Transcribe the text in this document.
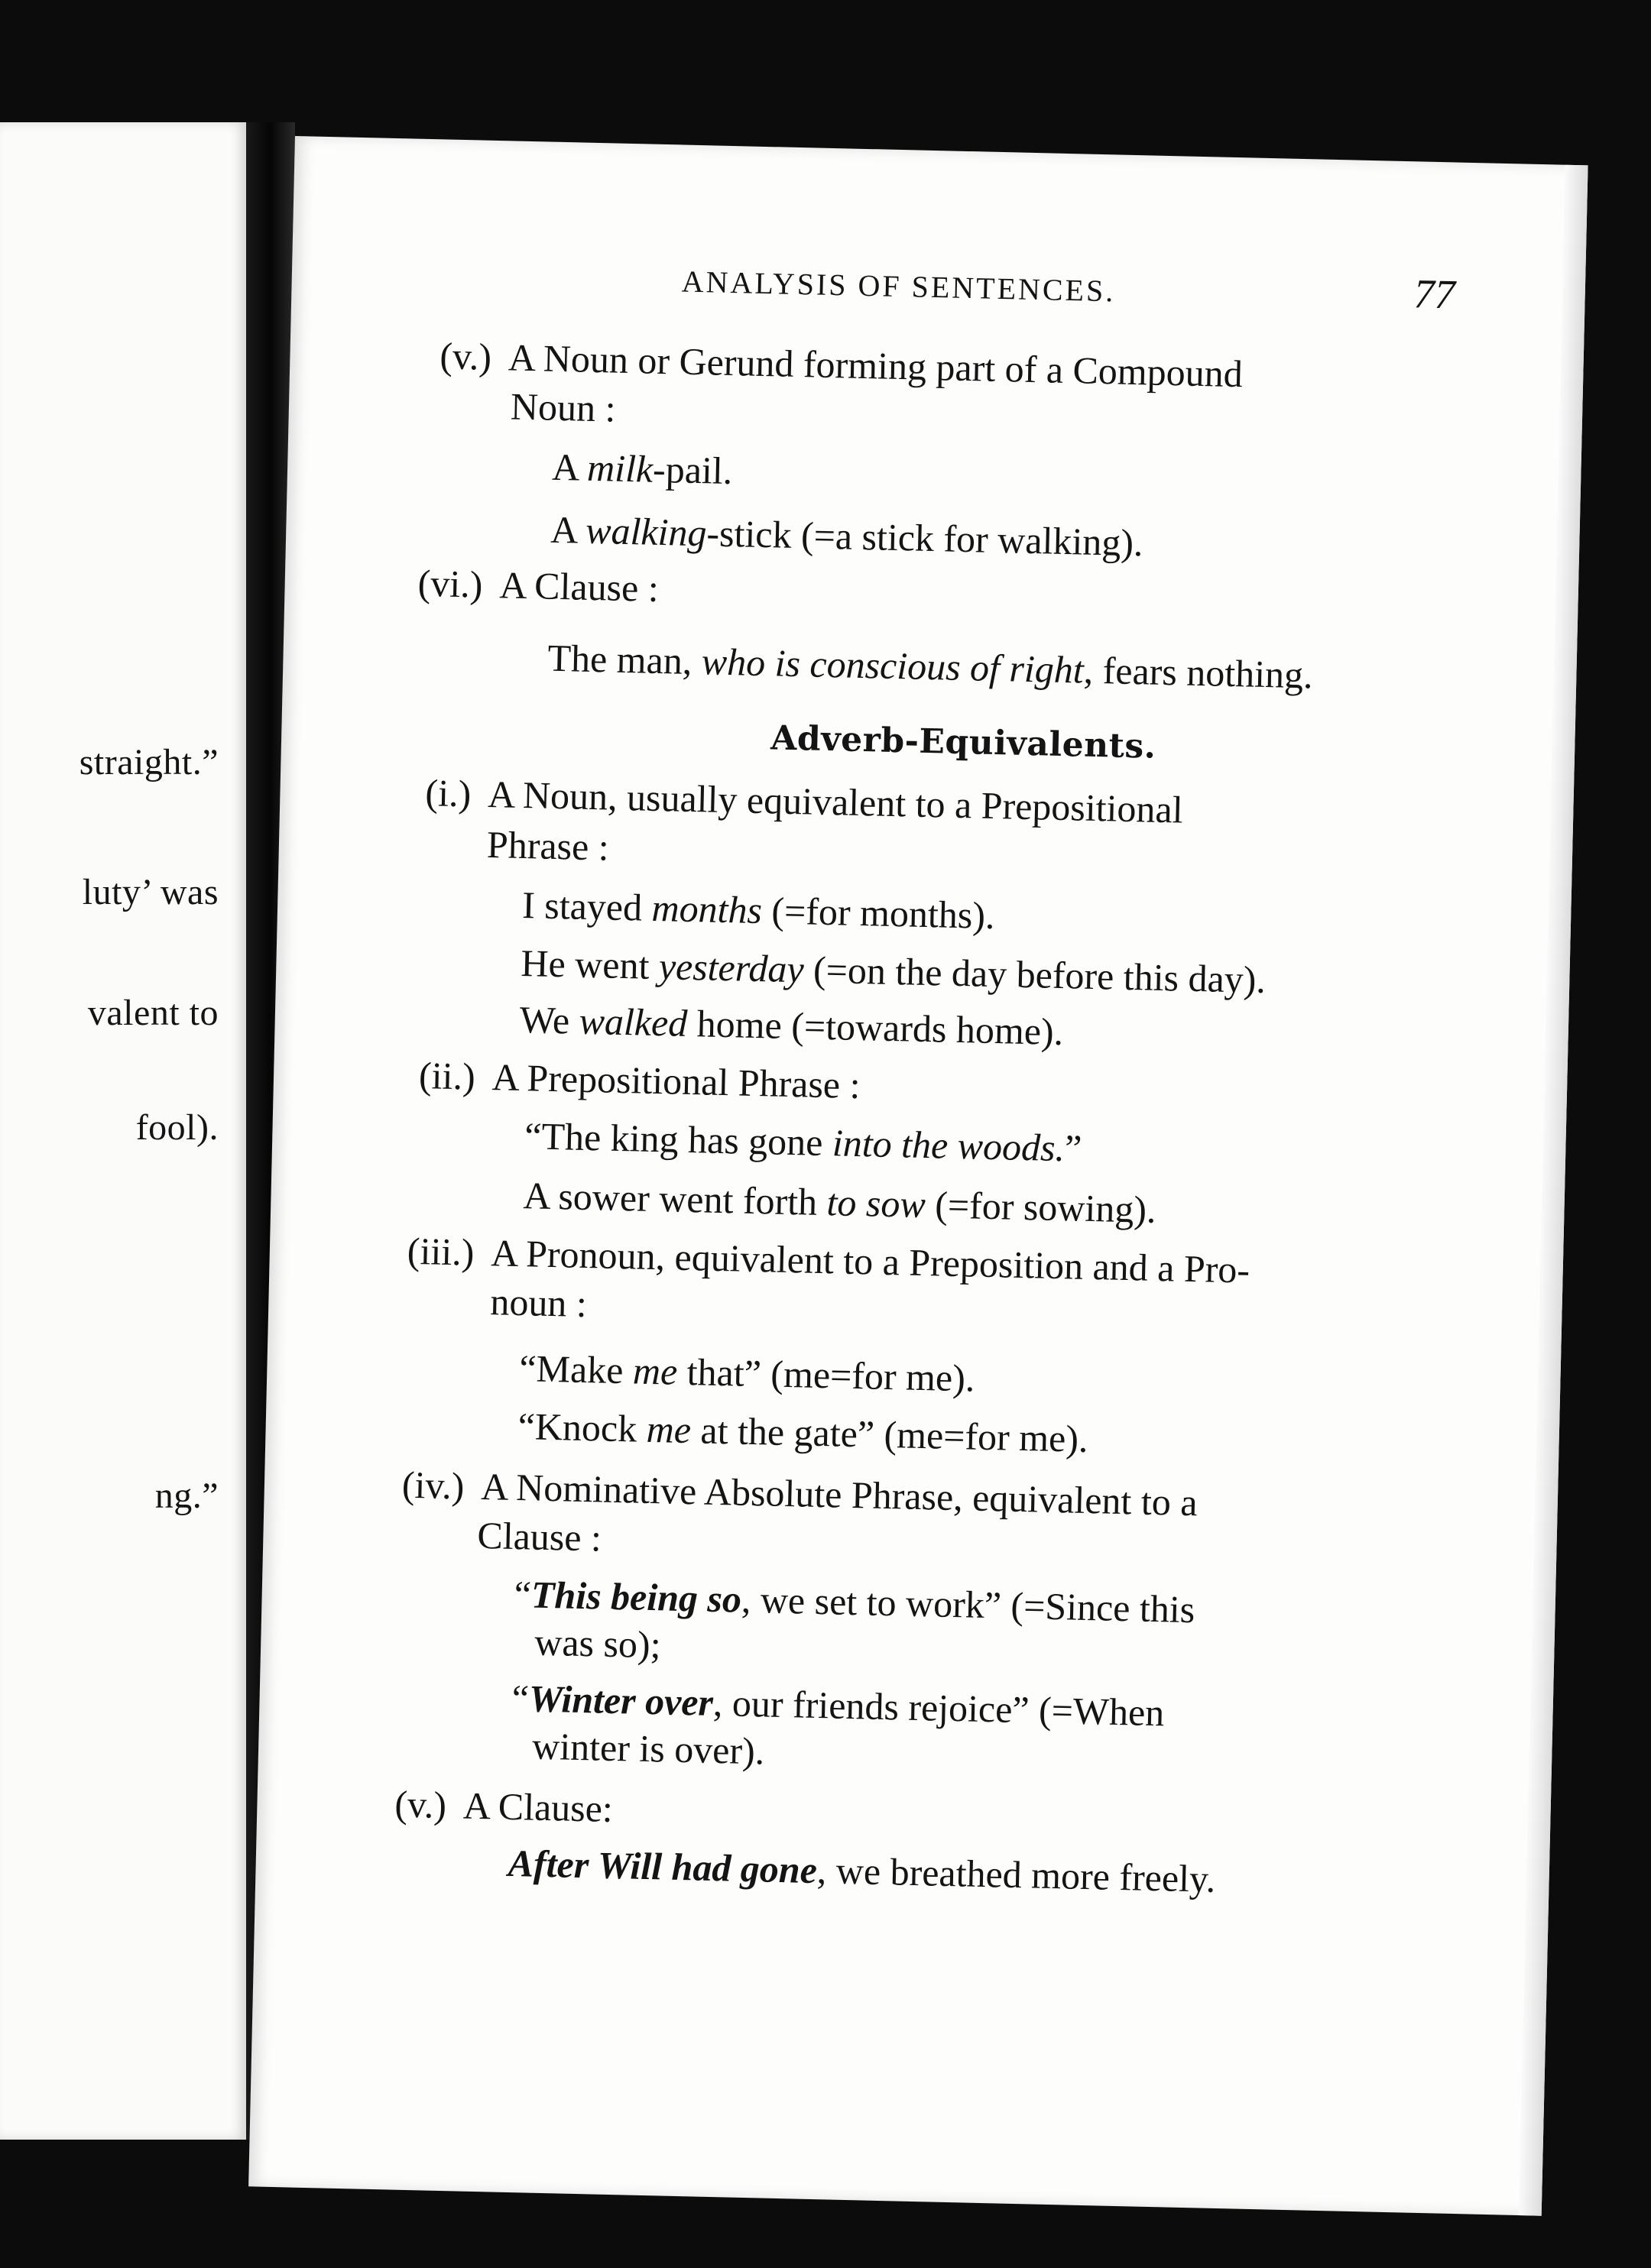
straight.”
luty’ was
valent to
fool).
ng.”
ANALYSIS OF SENTENCES.	77
(v.) A Noun or Gerund forming part of a Compound
Noun :
A milk-pail.
A walking-stick (=a stick for walking).
(vi.) A Clause :
The man, who is conscious of right, fears nothing.
Adverb-Equivalents.
(i.) A Noun, usually equivalent to a Prepositional
Phrase :
I stayed months (=for months).
He went yesterday (=on the day before this day).
We walked home (=towards home).
(ii.) A Prepositional Phrase :
“The king has gone into the woods.”
A sower went forth to sow (=for sowing).
(iii.) A Pronoun, equivalent to a Preposition and a Pro-
noun :
“Make me that” (me=for me).
“Knock me at the gate” (me=for me).
(iv.) A Nominative Absolute Phrase, equivalent to a
Clause :
“This being so, we set to work” (=Since this
was so);
“Winter over, our friends rejoice” (=When
winter is over).
(v.) A Clause:
After Will had gone, we breathed more freely.
